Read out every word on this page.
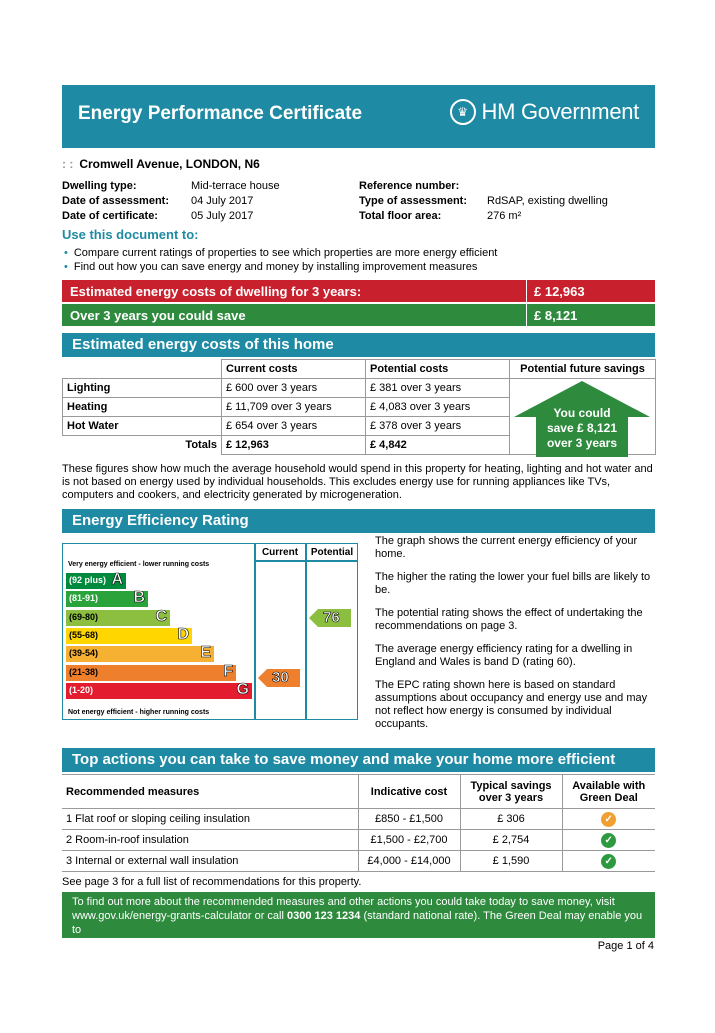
Energy Performance Certificate	♛ HM Government
: : Cromwell Avenue, LONDON, N6
Dwelling type:	Mid-terrace house
Date of assessment: 04 July 2017
Date of certificate:	05 July 2017
Reference number:
Type of assessment: RdSAP, existing dwelling
Total floor area:	276 m²
Use this document to:
• Compare current ratings of properties to see which properties are more energy efficient
• Find out how you can save energy and money by installing improvement measures
Estimated energy costs of dwelling for 3 years:	£ 12,963
Over 3 years you could save	£ 8,121
Estimated energy costs of this home
	Current costs	Potential costs	Potential future savings
Lighting	£ 600 over 3 years	£ 381 over 3 years	You could
save £ 8,121
over 3 years

Heating	£ 11,709 over 3 years	£ 4,083 over 3 years	
Hot Water	£ 654 over 3 years	£ 378 over 3 years	
Totals	£ 12,963	£ 4,842	
These figures show how much the average household would spend in this property for heating, lighting and hot water and is not based on energy used by individual households. This excludes energy use for running appliances like TVs, computers and cookers, and electricity generated by microgeneration.
Energy Efficiency Rating
Current	Potential
Very energy efficient - lower running costs
Not energy efficient - higher running costs
(92 plus) A
(81-91) B
(69-80)	C
(55-68)	D
(39-54)	E
(21-38)	F
(1-20)	G
30
76
The graph shows the current energy efficiency of your home.
The higher the rating the lower your fuel bills are likely to be.
The potential rating shows the effect of undertaking the recommendations on page 3.
The average energy efficiency rating for a dwelling in England and Wales is band D (rating 60).
The EPC rating shown here is based on standard assumptions about occupancy and energy use and may not reflect how energy is consumed by individual occupants.
Top actions you can take to save money and make your home more efficient
Recommended measures	Indicative cost	Typical savings over 3 years	Available with Green Deal
1 Flat roof or sloping ceiling insulation	£850 - £1,500	£ 306	✓
2 Room-in-roof insulation	£1,500 - £2,700	£ 2,754	✓
3 Internal or external wall insulation	£4,000 - £14,000	£ 1,590	✓
See page 3 for a full list of recommendations for this property.
To find out more about the recommended measures and other actions you could take today to save money, visit
www.gov.uk/energy-grants-calculator or call 0300 123 1234 (standard national rate). The Green Deal may enable you to
make your home warmer and cheaper to run.	Page 1 of 4
